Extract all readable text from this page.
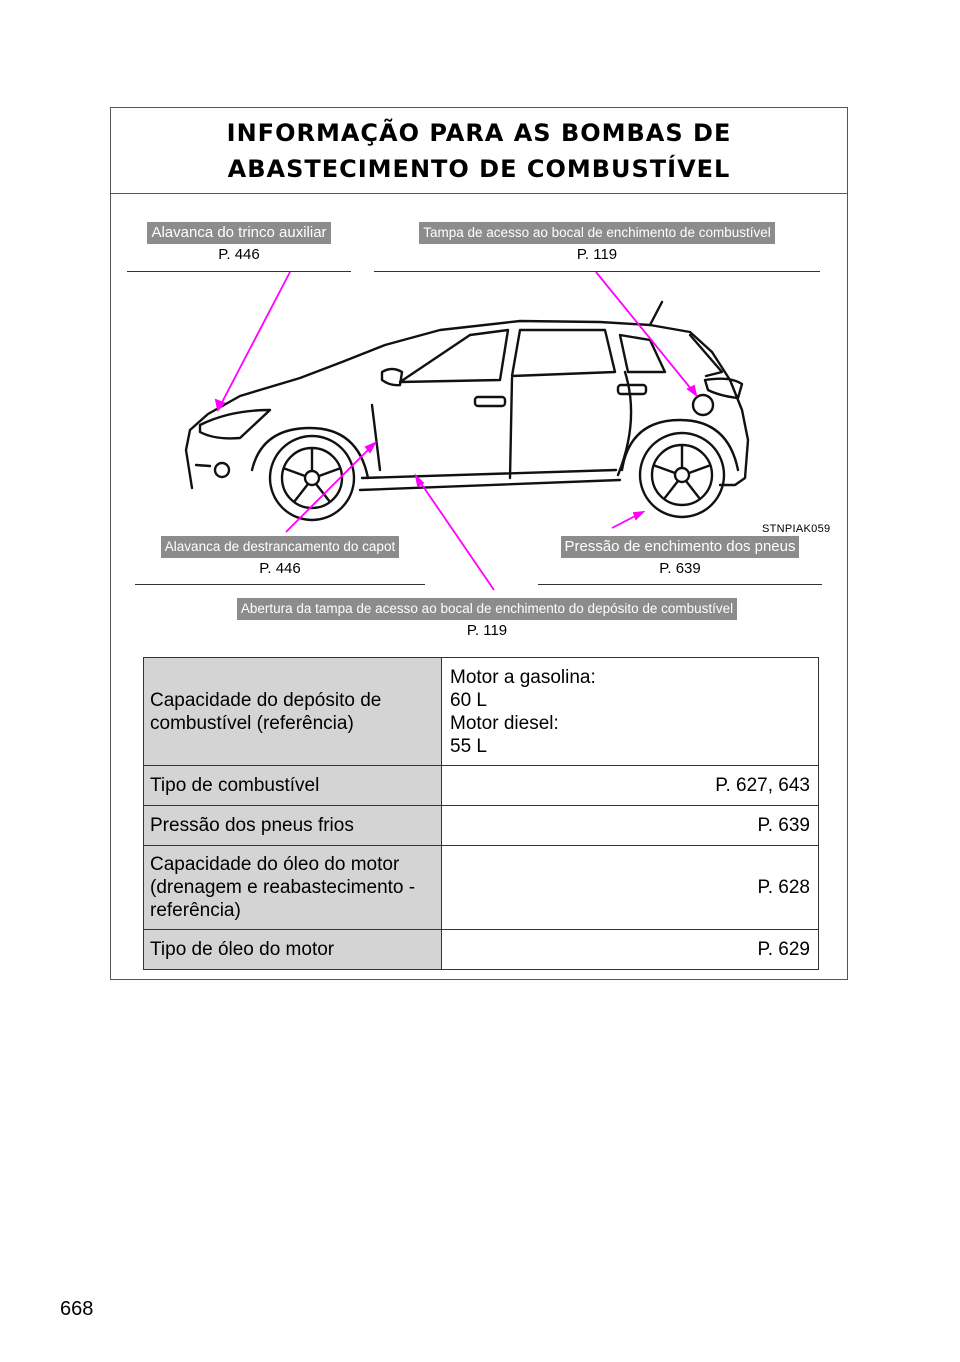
INFORMAÇÃO PARA AS BOMBAS DE
ABASTECIMENTO DE COMBUSTÍVEL
STNPIAK059
Alavanca do trinco auxiliar
P. 446
Tampa de acesso ao bocal de enchimento de combustível
P. 119
Alavanca de destrancamento do capot
P. 446
Pressão de enchimento dos pneus
P. 639
Abertura da tampa de acesso ao bocal de enchimento do depósito de combustível
P. 119
Capacidade do depósito de combustível (referência)	Motor a gasolina:
60 L
Motor diesel:
55 L

Tipo de combustível	P. 627, 643
Pressão dos pneus frios	P. 639
Capacidade do óleo do motor (drenagem e reabastecimento - referência)	P. 628
Tipo de óleo do motor	P. 629
668
